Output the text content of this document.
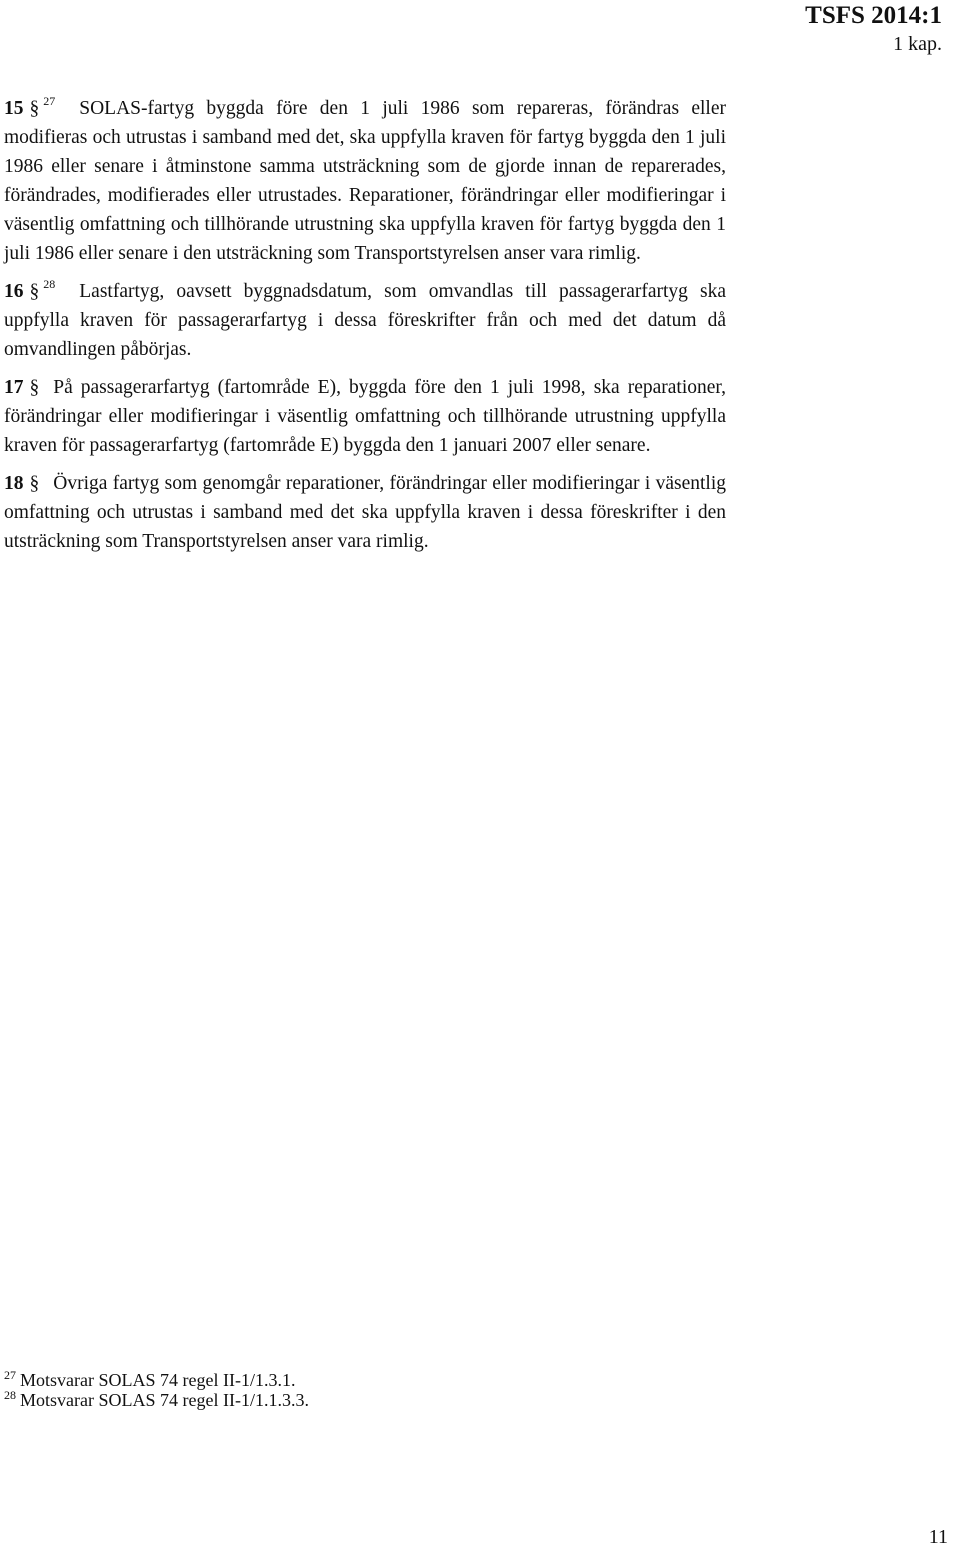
TSFS 2014:1
1 kap.

15 § $^{27}$ SOLAS-fartyg byggda före den 1 juli 1986 som repareras, förändras eller modifieras och utrustas i samband med det, ska uppfylla kraven för fartyg byggda den 1 juli 1986 eller senare i åtminstone samma utsträckning som de gjorde innan de reparerades, förändrades, modifierades eller utrustades. Reparationer, förändringar eller modifieringar i väsentlig omfattning och tillhörande utrustning ska uppfylla kraven för fartyg byggda den 1 juli 1986 eller senare i den utsträckning som Transportstyrelsen anser vara rimlig.

16 § $^{28}$ Lastfartyg, oavsett byggnadsdatum, som omvandlas till passagerarfartyg ska uppfylla kraven för passagerarfartyg i dessa föreskrifter från och med det datum då omvandlingen påbörjas.

17 § På passagerarfartyg (fartområde E), byggda före den 1 juli 1998, ska reparationer, förändringar eller modifieringar i väsentlig omfattning och tillhörande utrustning uppfylla kraven för passagerarfartyg (fartområde E) byggda den 1 januari 2007 eller senare.

18 § Övriga fartyg som genomgår reparationer, förändringar eller modifieringar i väsentlig omfattning och utrustas i samband med det ska uppfylla kraven i dessa föreskrifter i den utsträckning som Transportstyrelsen anser vara rimlig.

$^{27}$ Motsvarar SOLAS 74 regel II-1/1.3.1.
$^{28}$ Motsvarar SOLAS 74 regel II-1/1.1.3.3.
11
